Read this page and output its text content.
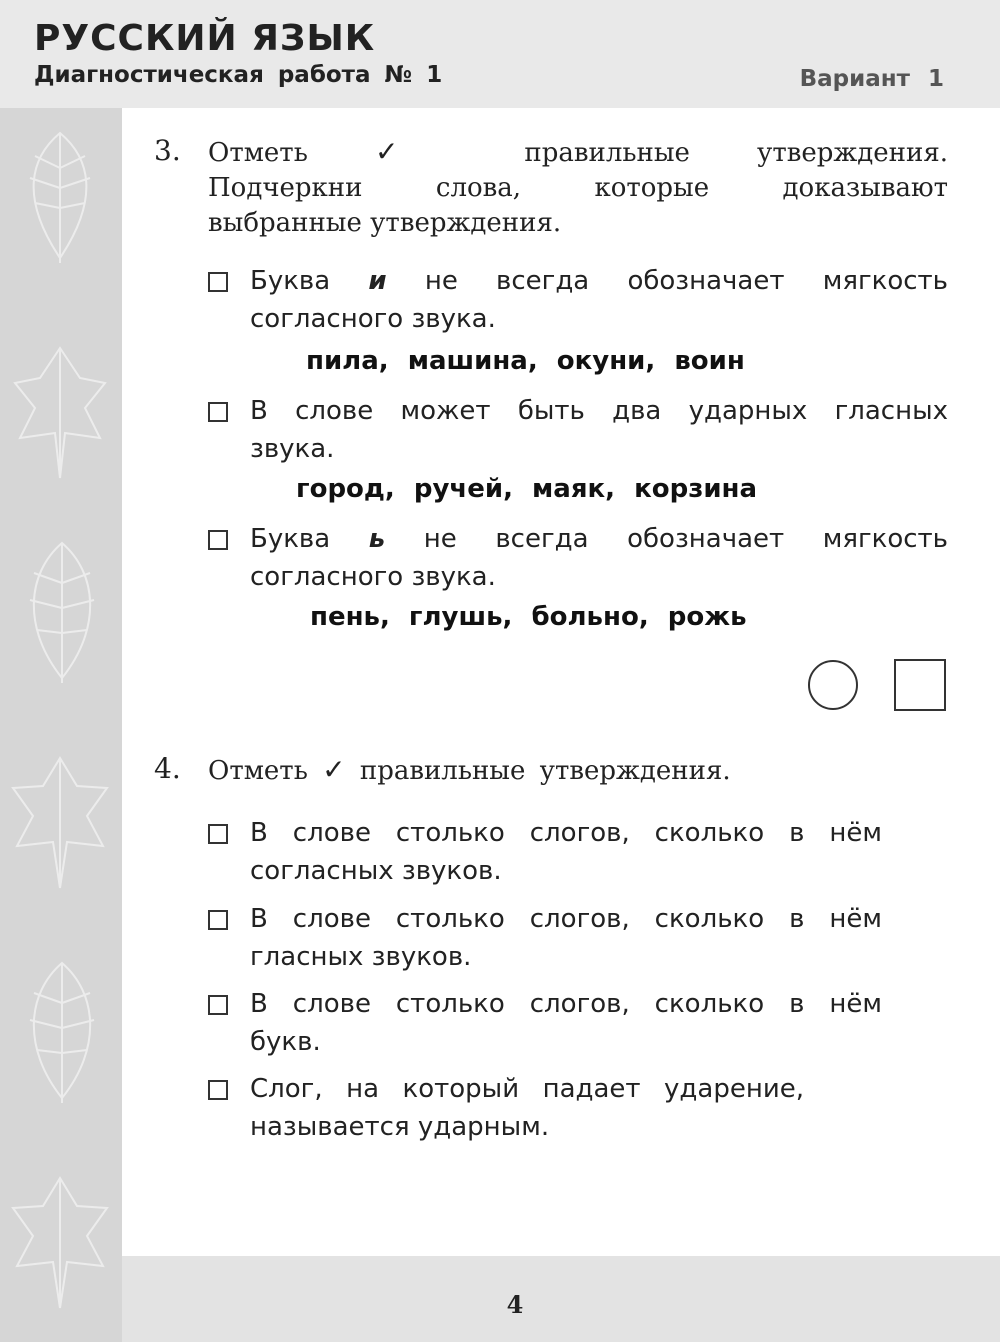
РУССКИЙ ЯЗЫК
Диагностическая работа № 1	Вариант 1
3. Отметь ✓	правильные утверждения.
Подчеркни слова, которые доказывают
выбранные утверждения.
Буква и не всегда обозначает мягкость
согласного звука.
пила, машина, окуни, воин
В слове может быть два ударных гласных
звука.
город, ручей, маяк, корзина
Буква ь не всегда обозначает мягкость
согласного звука.
пень, глушь, больно, рожь
4. Отметь ✓ правильные утверждения.
В слове столько слогов, сколько в нём
согласных звуков.
В слове столько слогов, сколько в нём
гласных звуков.
В слове столько слогов, сколько в нём
букв.
Слог, на который падает ударение,
называется ударным.
4
